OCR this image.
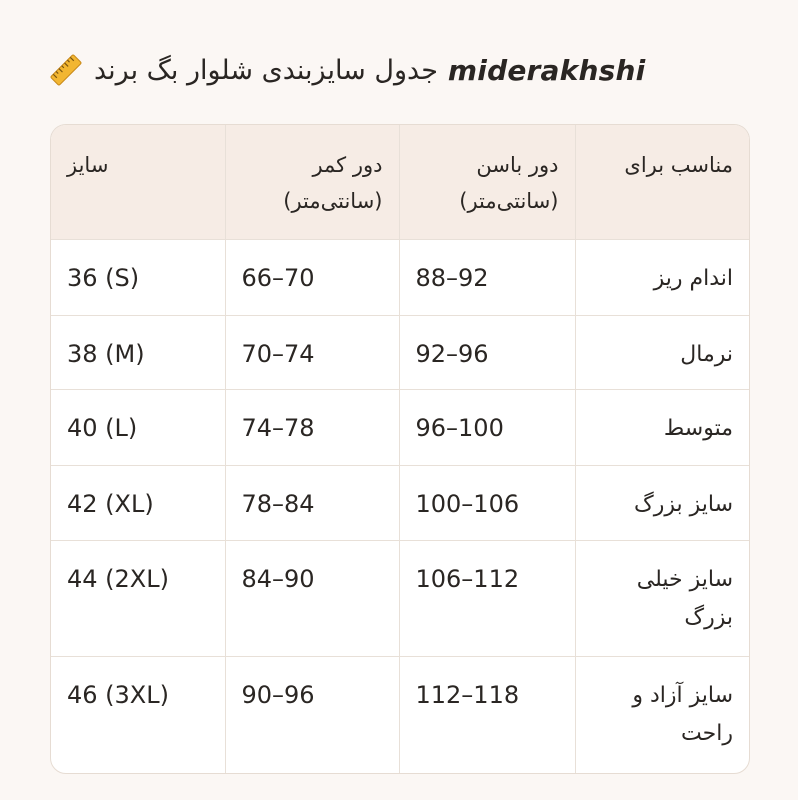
جدول سایزبندی شلوار بگ برند miderakhshi
سایز	دور کمر (سانتی‌متر)	دور باسن (سانتی‌متر)	مناسب برای
36 (S)	66–70	88–92	اندام ریز
38 (M)	70–74	92–96	نرمال
40 (L)	74–78	96–100	متوسط
42 (XL)	78–84	100–106	سایز بزرگ
44 (2XL)	84–90	106–112	سایز خیلی بزرگ
46 (3XL)	90–96	112–118	سایز آزاد و راحت
